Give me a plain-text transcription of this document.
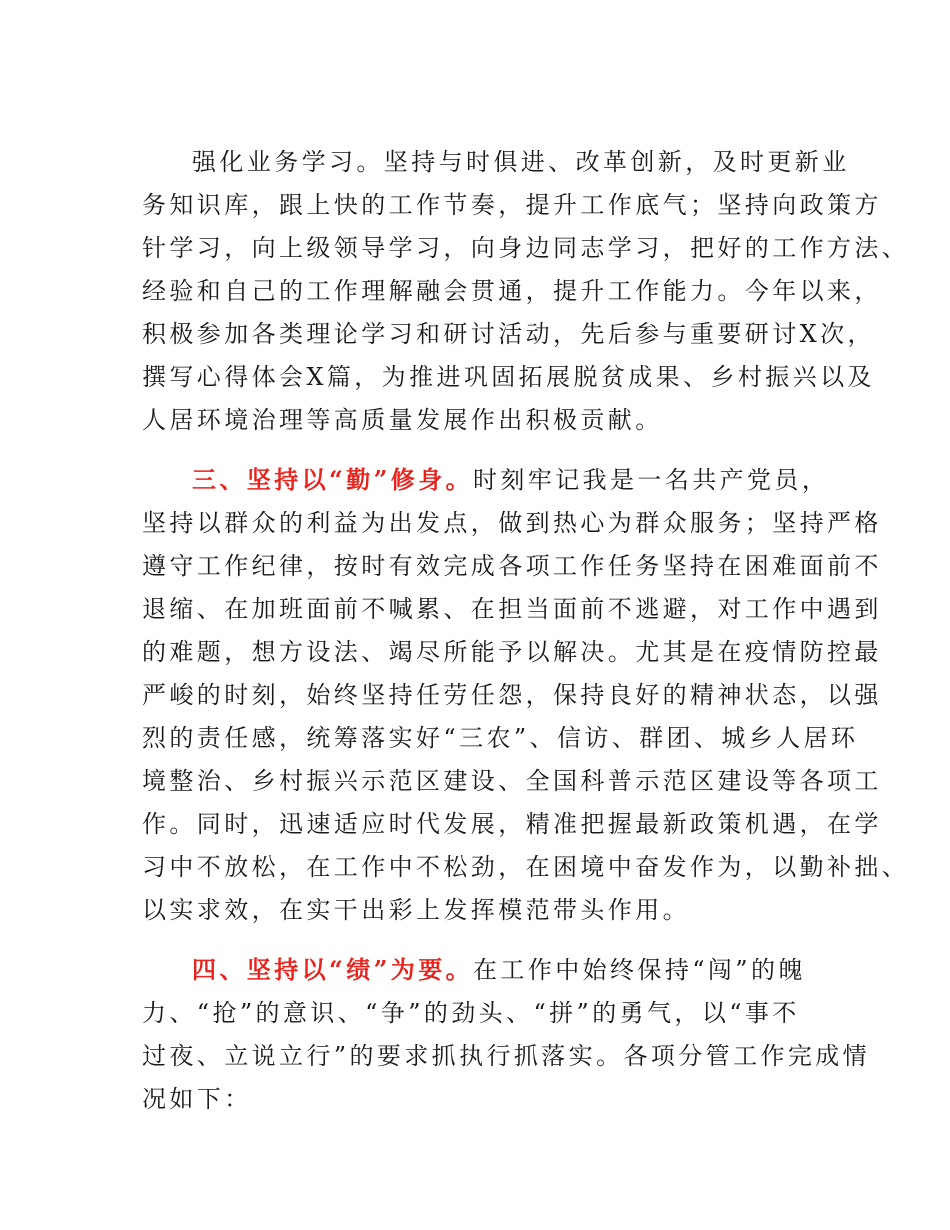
强化业务学习。坚持与时俱进、改革创新，及时更新业
务知识库，跟上快的工作节奏，提升工作底气；坚持向政策方
针学习，向上级领导学习，向身边同志学习，把好的工作方法、
经验和自己的工作理解融会贯通，提升工作能力。今年以来，
积极参加各类理论学习和研讨活动，先后参与重要研讨X次，
撰写心得体会X篇，为推进巩固拓展脱贫成果、乡村振兴以及
人居环境治理等高质量发展作出积极贡献。
三、坚持以“勤”修身。时刻牢记我是一名共产党员，
坚持以群众的利益为出发点，做到热心为群众服务；坚持严格
遵守工作纪律，按时有效完成各项工作任务坚持在困难面前不
退缩、在加班面前不喊累、在担当面前不逃避，对工作中遇到
的难题，想方设法、竭尽所能予以解决。尤其是在疫情防控最
严峻的时刻，始终坚持任劳任怨，保持良好的精神状态，以强
烈的责任感，统筹落实好“三农”、信访、群团、城乡人居环
境整治、乡村振兴示范区建设、全国科普示范区建设等各项工
作。同时，迅速适应时代发展，精准把握最新政策机遇，在学
习中不放松，在工作中不松劲，在困境中奋发作为，以勤补拙、
以实求效，在实干出彩上发挥模范带头作用。
四、坚持以“绩”为要。在工作中始终保持“闯”的魄
力、“抢”的意识、“争”的劲头、“拼”的勇气，以“事不
过夜、立说立行”的要求抓执行抓落实。各项分管工作完成情
况如下：
